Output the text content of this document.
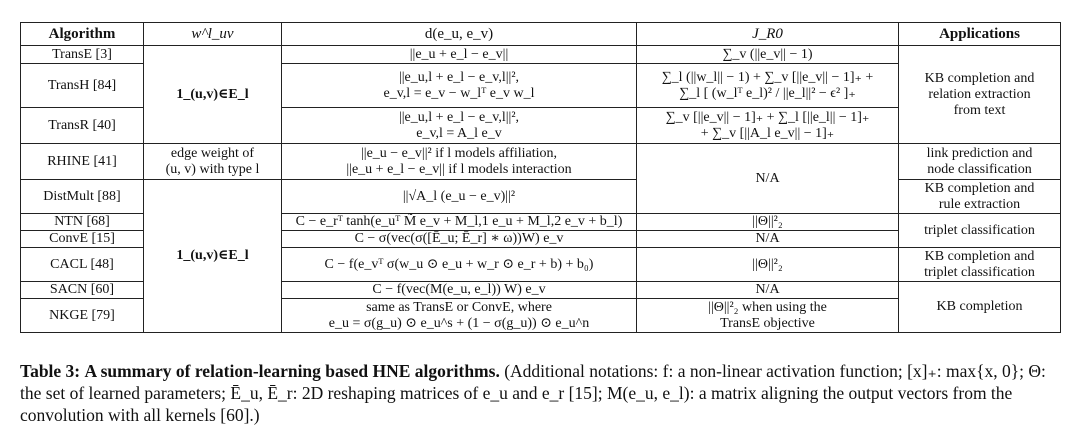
Algorithm	w^l_uv	d(e_u, e_v)	J_R0	Applications
TransE [3]	1_(u,v)∈E_l	||e_u + e_l − e_v||	∑_v (||e_v|| − 1)	KB completion and
relation extraction
from text
TransH [84]		||e_u,l + e_l − e_v,l||²,
e_v,l = e_v − w_lᵀ e_v w_l	∑_l (||w_l|| − 1) + ∑_v [||e_v|| − 1]₊ +
∑_l [ (w_lᵀ e_l)² / ||e_l||² − ϵ² ]₊	
TransR [40]		||e_u,l + e_l − e_v,l||²,
e_v,l = A_l e_v	∑_v [||e_v|| − 1]₊ + ∑_l [||e_l|| − 1]₊
+ ∑_v [||A_l e_v|| − 1]₊	
RHINE [41]	edge weight of
(u, v) with type l	||e_u − e_v||² if l models affiliation,
||e_u + e_l − e_v|| if l models interaction	N/A	link prediction and
node classification
DistMult [88]	1_(u,v)∈E_l	||√A_l (e_u − e_v)||²		KB completion and
rule extraction
NTN [68]		C − e_rᵀ tanh(e_uᵀ M̃ e_v + M_l,1 e_u + M_l,2 e_v + b_l)	||Θ||²₂	triplet classification
ConvE [15]		C − σ(vec(σ([Ē_u; Ē_r] ∗ ω))W) e_v	N/A	
CACL [48]		C − f(e_vᵀ σ(w_u ⊙ e_u + w_r ⊙ e_r + b) + b₀)	||Θ||²₂	KB completion and
triplet classification
SACN [60]		C − f(vec(M(e_u, e_l)) W) e_v	N/A	KB completion
NKGE [79]		same as TransE or ConvE, where
e_u = σ(g_u) ⊙ e_u^s + (1 − σ(g_u)) ⊙ e_u^n	||Θ||²₂ when using the
TransE objective	
Table 3: A summary of relation-learning based HNE algorithms. (Additional notations: f: a non-linear activation function; [x]₊: max{x, 0}; Θ: the set of learned parameters; Ē_u, Ē_r: 2D reshaping matrices of e_u and e_r [15]; M(e_u, e_l): a matrix aligning the output vectors from the convolution with all kernels [60].)
